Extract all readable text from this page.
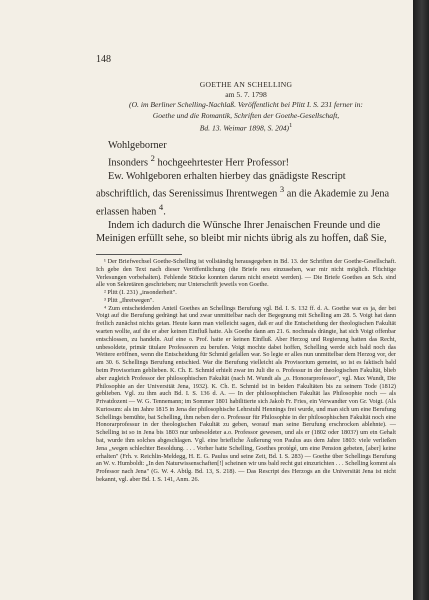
148
GOETHE AN SCHELLING
am 5. 7. 1798
(O. im Berliner Schelling-Nachlaß. Veröffentlicht bei Plitt I. S. 231 ferner in:
Goethe und die Romantik, Schriften der Goethe-Gesellschaft,
Bd. 13. Weimar 1898, S. 204)$^1$

Wohlgeborner

Insonders $^2$ hochgeehrtester Herr Professor!

Ew. Wohlgeboren erhalten hierbey das gnädigste Rescript abschriftlich, das Serenissimus Ihrentwegen $^3$ an die Akademie zu Jena erlassen haben $^4$.

Indem ich dadurch die Wünsche Ihrer Jenaischen Freunde und die Meinigen erfüllt sehe, so bleibt mir nichts übrig als zu hoffen, daß Sie,

¹ Der Briefwechsel Goethe-Schelling ist vollständig herausgegeben in Bd. 13. der Schriften der Goethe-Gesellschaft. Ich gebe den Text nach dieser Veröffentlichung (die Briefe neu einzusehen, war mir nicht möglich. Flüchtige Verlesungen vorbehalten). Fehlende Stücke konnten darum nicht ersetzt werden). — Die Briefe Goethes an Sch. sind alle von Sekretären geschrieben; nur Unterschrift jeweils von Goethe.

² Plitt (I. 231) „insonderheit".

³ Plitt „Ihretwegen".

⁴ Zum entscheidenden Anteil Goethes an Schellings Berufung vgl. Bd. I. S. 132 ff. d. A. Goethe war es ja, der bei Voigt auf die Berufung gedrängt hat und zwar unmittelbar nach der Begegnung mit Schelling am 28. 5. Voigt hat dann freilich zunächst nichts getan. Heute kann man vielleicht sagen, daß er auf die Entscheidung der theologischen Fakultät warten wollte, auf die er aber keinen Einfluß hatte. Als Goethe dann am 21. 6. nochmals drängte, hat sich Voigt offenbar entschlossen, zu handeln. Auf eine o. Prof. hatte er keinen Einfluß. Aber Herzog und Regierung hatten das Recht, unbesoldete, primär titulare Professoren zu berufen. Voigt mochte dabei hoffen, Schelling werde sich bald noch das Weitere eröffnen, wenn die Entscheidung für Schmid gefallen war. So legte er alles nun unmittelbar dem Herzog vor, der am 30. 6. Schellings Berufung entschied. War die Berufung vielleicht als Provisorium gemeint, so ist es faktisch bald beim Provisorium geblieben. K. Ch. E. Schmid erhielt zwar im Juli die o. Professur in der theologischen Fakultät, blieb aber zugleich Professor der philosophischen Fakultät (nach M. Wundt als „o. Honorarprofessor", vgl. Max Wundt, Die Philosophie an der Universität Jena, 1932). K. Ch. E. Schmid ist in beiden Fakultäten bis zu seinem Tode (1812) geblieben. Vgl. zu ihm auch Bd. I. S. 136 d. A. — In der philosophischen Fakultät las Philosophie noch — als Privatdozent — W. G. Tennemann; im Sommer 1801 habilitierte sich Jakob Fr. Fries, ein Verwandter von Gr. Voigt. (Als Kuriosum: als im Jahre 1815 in Jena der philosophische Lehrstuhl Hennings frei wurde, und man sich um eine Berufung Schellings bemühte, bat Schelling, ihm neben der o. Professur für Philosophie in der philosophischen Fakultät noch eine Honorarprofessur in der theologischen Fakultät zu geben, worauf man seine Berufung erschrocken ablehnte). — Schelling ist so in Jena bis 1803 nur unbesoldeter a.o. Professor gewesen, und als er (1802 oder 1803?) um ein Gehalt bat, wurde ihm solches abgeschlagen. Vgl. eine briefliche Äußerung von Paulus aus dem Jahre 1803: viele verließen Jena „wegen schlechter Besoldung. . . . Vorher hatte Schelling, Goethes protégé, um eine Pension gebeten, [aber] keine erhalten" (Frh. v. Reichlin-Meldegg, H. E. G. Paulus und seine Zeit, Bd. I. S. 283) — Goethe über Schellings Berufung an W. v. Humboldt: „In den Naturwissenschaften[!] scheinen wir uns bald recht gut einzurichten . . . Schelling kommt als Professor nach Jena" (G. W. 4. Abtlg. Bd. 13, S. 218). — Das Rescript des Herzogs an die Universität Jena ist nicht bekannt, vgl. aber Bd. I. S. 141, Anm. 26.
